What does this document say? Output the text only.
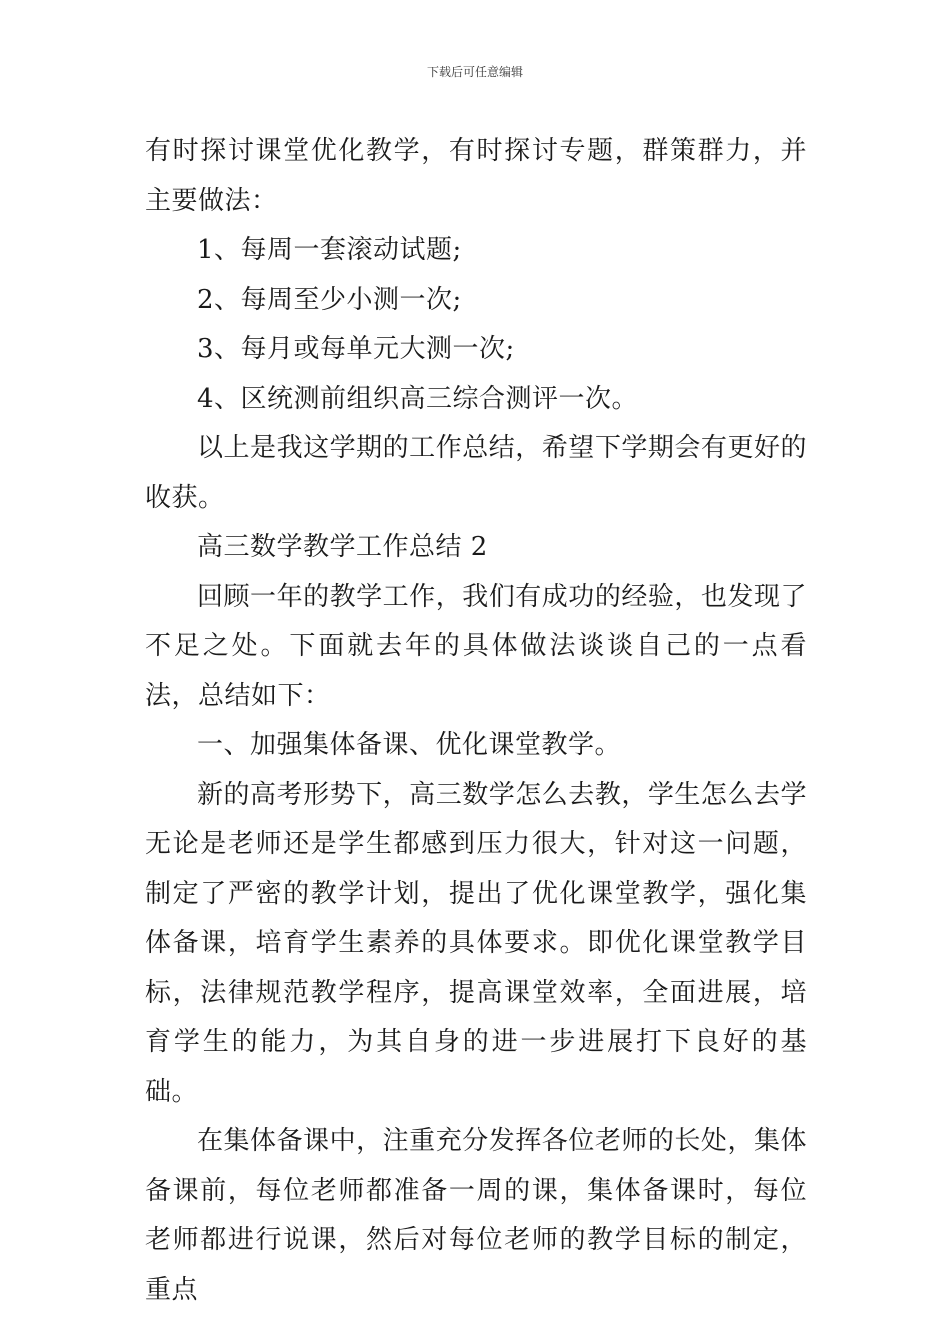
下载后可任意编辑

有时探讨课堂优化教学，有时探讨专题，群策群力，并主要做法：

1、每周一套滚动试题;

2、每周至少小测一次;

3、每月或每单元大测一次;

4、区统测前组织高三综合测评一次。

以上是我这学期的工作总结，希望下学期会有更好的收获。

高三数学教学工作总结 2

回顾一年的教学工作，我们有成功的经验，也发现了不足之处。下面就去年的具体做法谈谈自己的一点看法，总结如下：

一、加强集体备课、优化课堂教学。

新的高考形势下，高三数学怎么去教，学生怎么去学无论是老师还是学生都感到压力很大，针对这一问题，制定了严密的教学计划，提出了优化课堂教学，强化集体备课，培育学生素养的具体要求。即优化课堂教学目标，法律规范教学程序，提高课堂效率，全面进展，培育学生的能力，为其自身的进一步进展打下良好的基础。

在集体备课中，注重充分发挥各位老师的长处，集体备课前，每位老师都准备一周的课，集体备课时，每位老师都进行说课，然后对每位老师的教学目标的制定，重点
